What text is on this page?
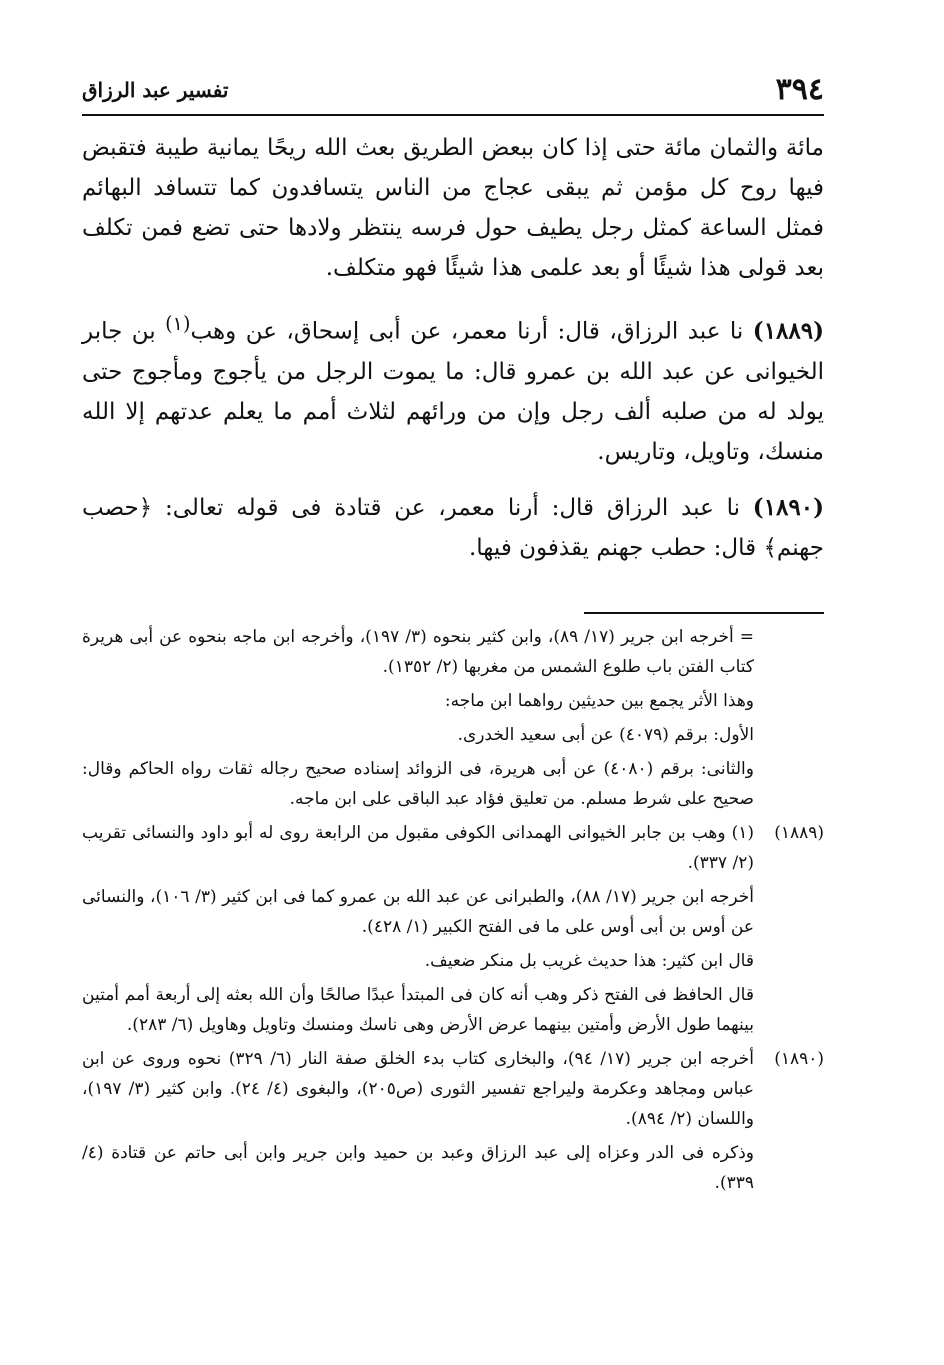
٣٩٤
تفسير عبد الرزاق

مائة والثمان مائة حتى إذا كان ببعض الطريق بعث الله ريحًا يمانية طيبة فتقبض فيها روح كل مؤمن ثم يبقى عجاج من الناس يتسافدون كما تتسافد البهائم فمثل الساعة كمثل رجل يطيف حول فرسه ينتظر ولادها حتى تضع فمن تكلف بعد قولى هذا شيئًا أو بعد علمى هذا شيئًا فهو متكلف.

(١٨٨٩) نا عبد الرزاق، قال: أرنا معمر، عن أبى إسحاق، عن وهب$^{(١)}$ بن جابر الخيوانى عن عبد الله بن عمرو قال: ما يموت الرجل من يأجوج ومأجوج حتى يولد له من صلبه ألف رجل وإن من ورائهم لثلاث أمم ما يعلم عدتهم إلا الله منسك، وتاويل، وتاريس.

(١٨٩٠) نا عبد الرزاق قال: أرنا معمر، عن قتادة فى قوله تعالى: ﴿حصب جهنم﴾ قال: حطب جهنم يقذفون فيها.

= أخرجه ابن جرير (١٧/ ٨٩)، وابن كثير بنحوه (٣/ ١٩٧)، وأخرجه ابن ماجه بنحوه عن أبى هريرة كتاب الفتن باب طلوع الشمس من مغربها (٢/ ١٣٥٢).

وهذا الأثر يجمع بين حديثين رواهما ابن ماجه:

الأول: برقم (٤٠٧٩) عن أبى سعيد الخدرى.

والثانى: برقم (٤٠٨٠) عن أبى هريرة، فى الزوائد إسناده صحيح رجاله ثقات رواه الحاكم وقال: صحيح على شرط مسلم. من تعليق فؤاد عبد الباقى على ابن ماجه.

(١٨٨٩)

(١) وهب بن جابر الخيوانى الهمدانى الكوفى مقبول من الرابعة روى له أبو داود والنسائى تقريب (٢/ ٣٣٧).

أخرجه ابن جرير (١٧/ ٨٨)، والطبرانى عن عبد الله بن عمرو كما فى ابن كثير (٣/ ١٠٦)، والنسائى عن أوس بن أبى أوس على ما فى الفتح الكبير (١/ ٤٢٨).

قال ابن كثير: هذا حديث غريب بل منكر ضعيف.

قال الحافظ فى الفتح ذكر وهب أنه كان فى المبتدأ عبدًا صالحًا وأن الله بعثه إلى أربعة أمم أمتين بينهما طول الأرض وأمتين بينهما عرض الأرض وهى ناسك ومنسك وتاويل وهاويل (٦/ ٢٨٣).

(١٨٩٠)

أخرجه ابن جرير (١٧/ ٩٤)، والبخارى كتاب بدء الخلق صفة النار (٦/ ٣٢٩) نحوه وروى عن ابن عباس ومجاهد وعكرمة وليراجع تفسير الثورى (ص٢٠٥)، والبغوى (٤/ ٢٤). وابن كثير (٣/ ١٩٧)، واللسان (٢/ ٨٩٤).

وذكره فى الدر وعزاه إلى عبد الرزاق وعبد بن حميد وابن جرير وابن أبى حاتم عن قتادة (٤/ ٣٣٩).
